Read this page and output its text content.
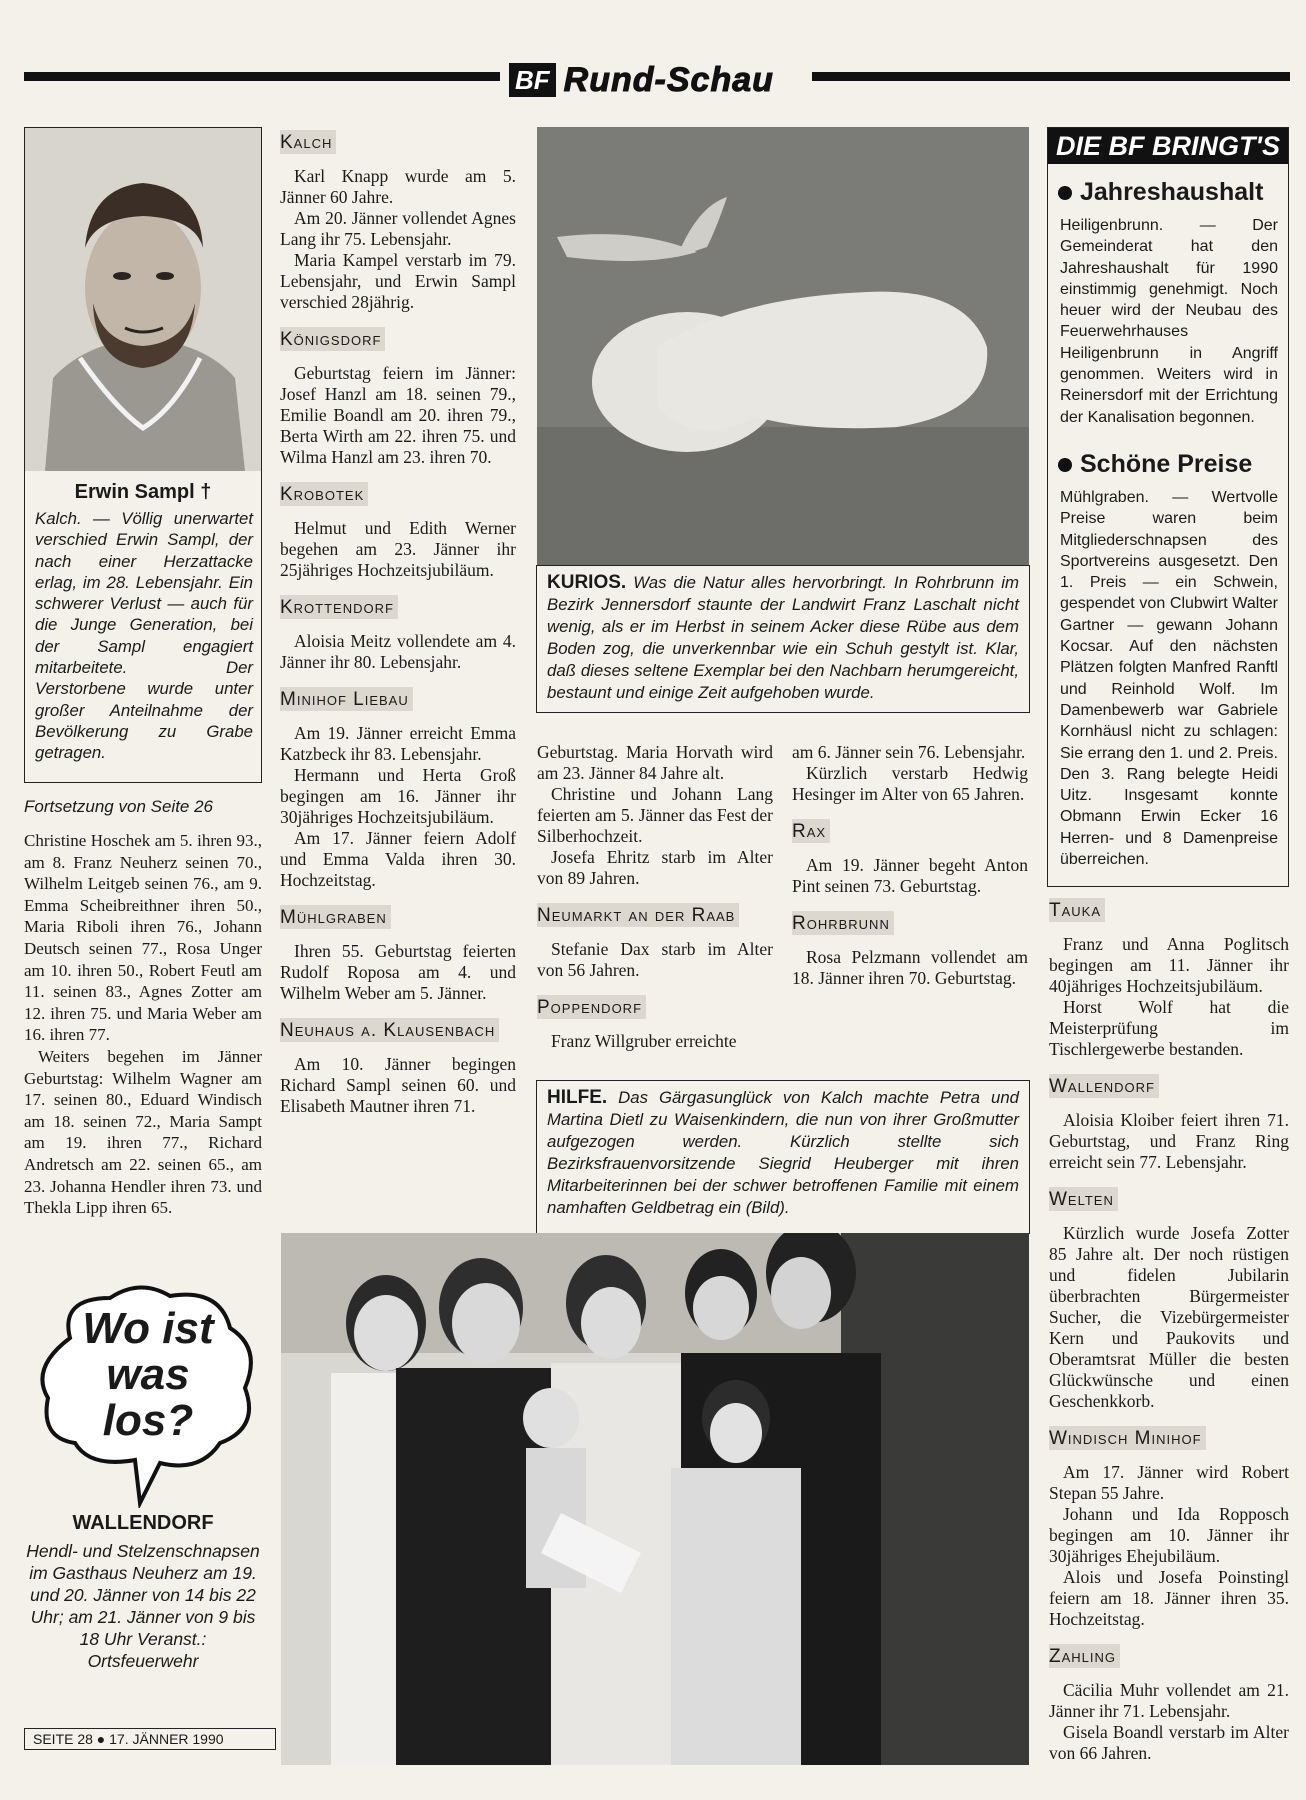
BF Rund-Schau
Erwin Sampl †
Kalch. — Völlig unerwartet verschied Erwin Sampl, der nach einer Herzattacke erlag, im 28. Lebensjahr. Ein schwerer Verlust — auch für die Junge Generation, bei der Sampl engagiert mitarbeitete. Der Verstorbene wurde unter großer Anteilnahme der Bevölkerung zu Grabe getragen.
Fortsetzung von Seite 26

Christine Hoschek am 5. ihren 93., am 8. Franz Neuherz seinen 70., Wilhelm Leitgeb seinen 76., am 9. Emma Scheibreithner ihren 50., Maria Riboli ihren 76., Johann Deutsch seinen 77., Rosa Unger am 10. ihren 50., Robert Feutl am 11. seinen 83., Agnes Zotter am 12. ihren 75. und Maria Weber am 16. ihren 77.

Weiters begehen im Jänner Geburtstag: Wilhelm Wagner am 17. seinen 80., Eduard Windisch am 18. seinen 72., Maria Sampt am 19. ihren 77., Richard Andretsch am 22. seinen 65., am 23. Johanna Hendler ihren 73. und Thekla Lipp ihren 65.

Wo ist was los?
WALLENDORF
Hendl- und Stelzenschnapsen im Gasthaus Neuherz am 19. und 20. Jänner von 14 bis 22 Uhr; am 21. Jänner von 9 bis 18 Uhr Veranst.: Ortsfeuerwehr
SEITE 28 ● 17. JÄNNER 1990
Kalch

Karl Knapp wurde am 5. Jänner 60 Jahre.

Am 20. Jänner vollendet Agnes Lang ihr 75. Lebensjahr.

Maria Kampel verstarb im 79. Lebensjahr, und Erwin Sampl verschied 28jährig.

Königsdorf

Geburtstag feiern im Jänner: Josef Hanzl am 18. seinen 79., Emilie Boandl am 20. ihren 79., Berta Wirth am 22. ihren 75. und Wilma Hanzl am 23. ihren 70.

Krobotek

Helmut und Edith Werner begehen am 23. Jänner ihr 25jähriges Hochzeitsjubiläum.

Krottendorf

Aloisia Meitz vollendete am 4. Jänner ihr 80. Lebensjahr.

Minihof Liebau

Am 19. Jänner erreicht Emma Katzbeck ihr 83. Lebensjahr.

Hermann und Herta Groß begingen am 16. Jänner ihr 30jähriges Hochzeitsjubiläum.

Am 17. Jänner feiern Adolf und Emma Valda ihren 30. Hochzeitstag.

Mühlgraben

Ihren 55. Geburtstag feierten Rudolf Roposa am 4. und Wilhelm Weber am 5. Jänner.

Neuhaus a. Klausenbach

Am 10. Jänner begingen Richard Sampl seinen 60. und Elisabeth Mautner ihren 71.

KURIOS. Was die Natur alles hervorbringt. In Rohrbrunn im Bezirk Jennersdorf staunte der Landwirt Franz Laschalt nicht wenig, als er im Herbst in seinem Acker diese Rübe aus dem Boden zog, die unverkennbar wie ein Schuh gestylt ist. Klar, daß dieses seltene Exemplar bei den Nachbarn herumgereicht, bestaunt und einige Zeit aufgehoben wurde.

Geburtstag. Maria Horvath wird am 23. Jänner 84 Jahre alt.

Christine und Johann Lang feierten am 5. Jänner das Fest der Silberhochzeit.

Josefa Ehritz starb im Alter von 89 Jahren.

Neumarkt an der Raab

Stefanie Dax starb im Alter von 56 Jahren.

Poppendorf

Franz Willgruber erreichte

am 6. Jänner sein 76. Lebensjahr.

Kürzlich verstarb Hedwig Hesinger im Alter von 65 Jahren.

Rax

Am 19. Jänner begeht Anton Pint seinen 73. Geburtstag.

Rohrbrunn

Rosa Pelzmann vollendet am 18. Jänner ihren 70. Geburtstag.

HILFE. Das Gärgasunglück von Kalch machte Petra und Martina Dietl zu Waisenkindern, die nun von ihrer Großmutter aufgezogen werden. Kürzlich stellte sich Bezirksfrauenvorsitzende Siegrid Heuberger mit ihren Mitarbeiterinnen bei der schwer betroffenen Familie mit einem namhaften Geldbetrag ein (Bild).
DIE BF BRINGT'S
Jahreshaushalt
Heiligenbrunn. — Der Gemeinderat hat den Jahreshaushalt für 1990 einstimmig genehmigt. Noch heuer wird der Neubau des Feuerwehrhauses Heiligenbrunn in Angriff genommen. Weiters wird in Reinersdorf mit der Errichtung der Kanalisation begonnen.
Schöne Preise
Mühlgraben. — Wertvolle Preise waren beim Mitgliederschnapsen des Sportvereins ausgesetzt. Den 1. Preis — ein Schwein, gespendet von Clubwirt Walter Gartner — gewann Johann Kocsar. Auf den nächsten Plätzen folgten Manfred Ranftl und Reinhold Wolf. Im Damenbewerb war Gabriele Kornhäusl nicht zu schlagen: Sie errang den 1. und 2. Preis. Den 3. Rang belegte Heidi Uitz. Insgesamt konnte Obmann Erwin Ecker 16 Herren- und 8 Damenpreise überreichen.
Tauka

Franz und Anna Poglitsch begingen am 11. Jänner ihr 40jähriges Hochzeitsjubiläum.

Horst Wolf hat die Meisterprüfung im Tischlergewerbe bestanden.

Wallendorf

Aloisia Kloiber feiert ihren 71. Geburtstag, und Franz Ring erreicht sein 77. Lebensjahr.

Welten

Kürzlich wurde Josefa Zotter 85 Jahre alt. Der noch rüstigen und fidelen Jubilarin überbrachten Bürgermeister Sucher, die Vizebürgermeister Kern und Paukovits und Oberamtsrat Müller die besten Glückwünsche und einen Geschenkkorb.

Windisch Minihof

Am 17. Jänner wird Robert Stepan 55 Jahre.

Johann und Ida Ropposch begingen am 10. Jänner ihr 30jähriges Ehejubiläum.

Alois und Josefa Poinstingl feiern am 18. Jänner ihren 35. Hochzeitstag.

Zahling

Cäcilia Muhr vollendet am 21. Jänner ihr 71. Lebensjahr.

Gisela Boandl verstarb im Alter von 66 Jahren.
